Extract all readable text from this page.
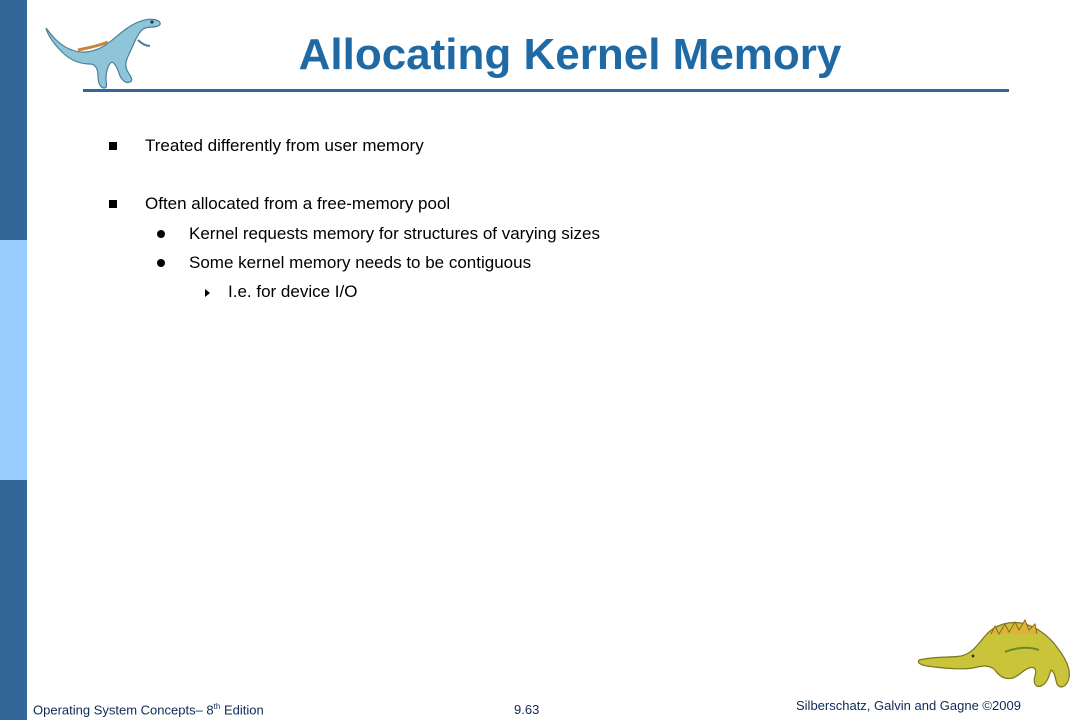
Allocating Kernel Memory
Treated differently from user memory
Often allocated from a free-memory pool
Kernel requests memory for structures of varying sizes
Some kernel memory needs to be contiguous
I.e. for device I/O
Operating System Concepts– 8th Edition	9.63	Silberschatz, Galvin and Gagne ©2009
